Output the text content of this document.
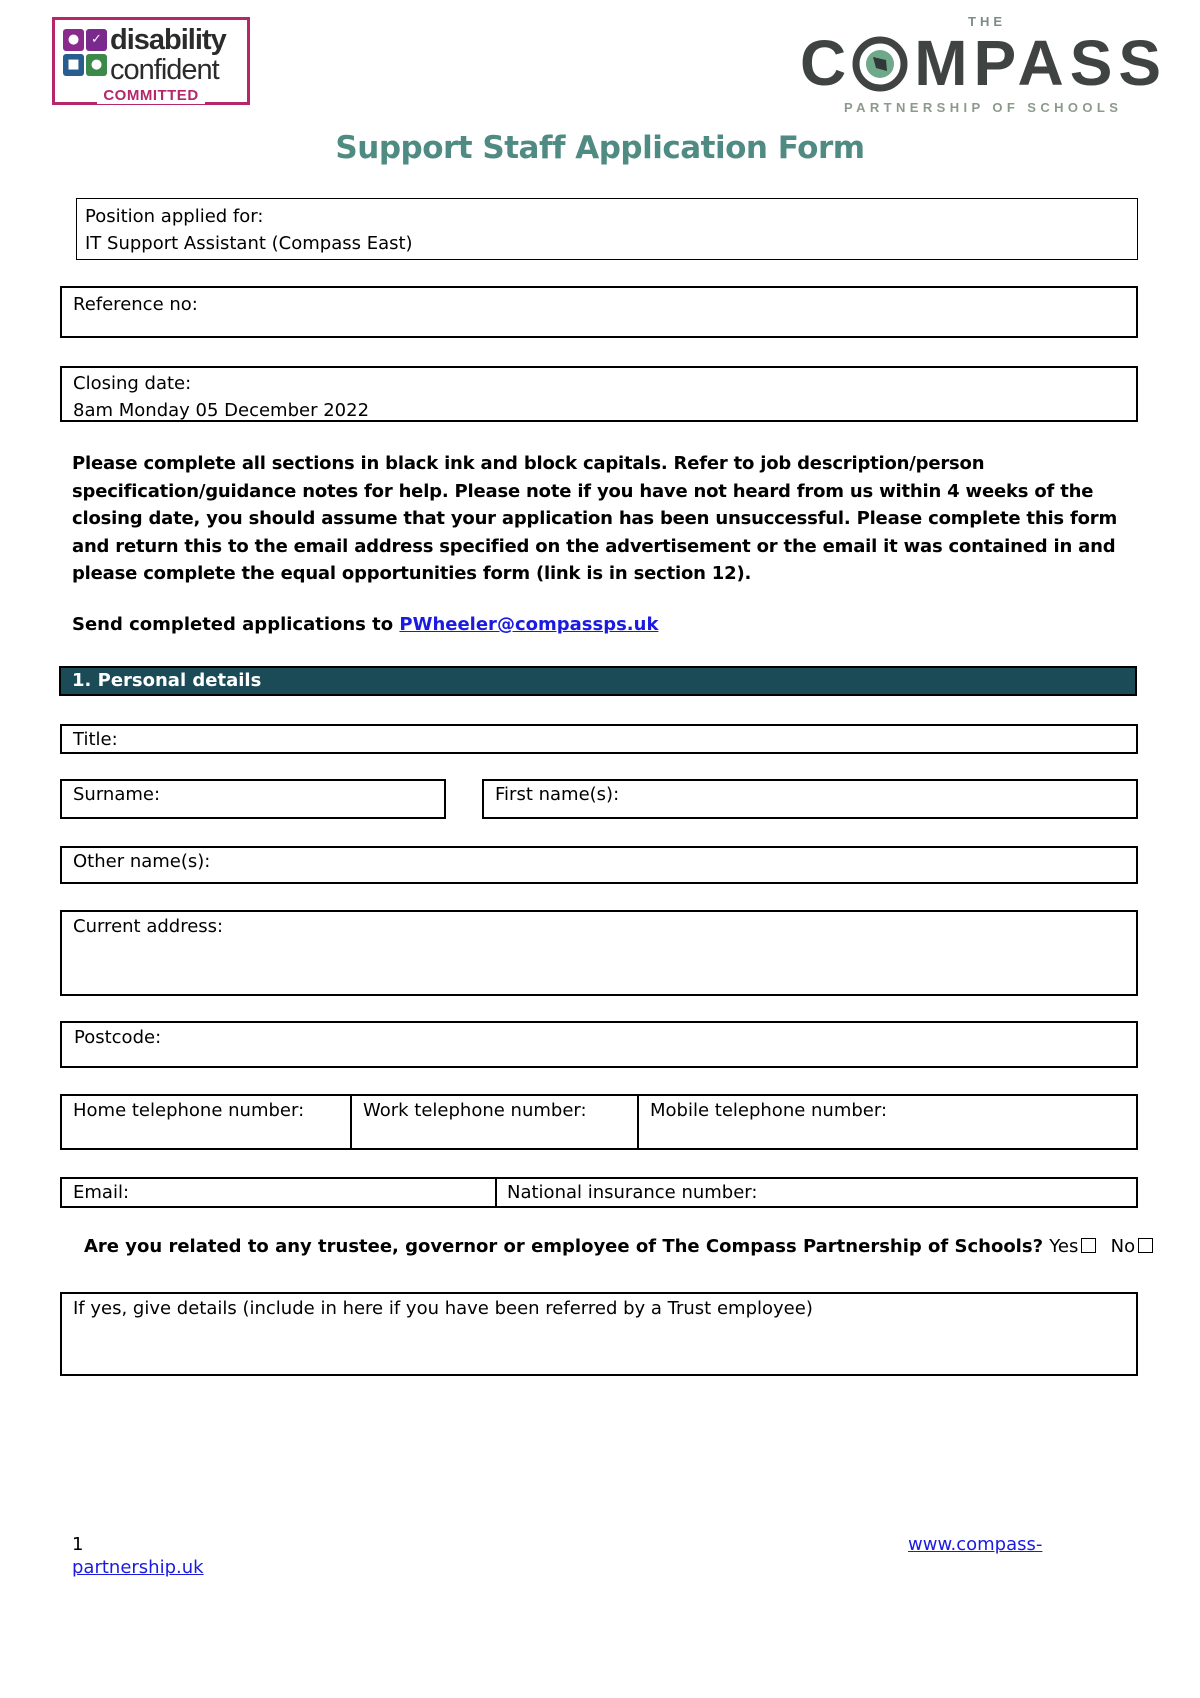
● ✓
■ ●
disability
confident
COMMITTED
THE
C MPASS
PARTNERSHIP OF SCHOOLS
Support Staff Application Form
Position applied for:
IT Support Assistant (Compass East)
Reference no:
Closing date:
8am Monday 05 December 2022
Please complete all sections in black ink and block capitals. Refer to job description/person specification/guidance notes for help. Please note if you have not heard from us within 4 weeks of the closing date, you should assume that your application has been unsuccessful. Please complete this form and return this to the email address specified on the advertisement or the email it was contained in and please complete the equal opportunities form (link is in section 12).
Send completed applications to PWheeler@compassps.uk
1. Personal details
Title:
Surname:	First name(s):
Other name(s):
Current address:
Postcode:
Home telephone number:	Work telephone number:	Mobile telephone number:
Email:	National insurance number:
Are you related to any trustee, governor or employee of The Compass Partnership of Schools? Yes No
If yes, give details (include in here if you have been referred by a Trust employee)
1	www.compass-
partnership.uk
